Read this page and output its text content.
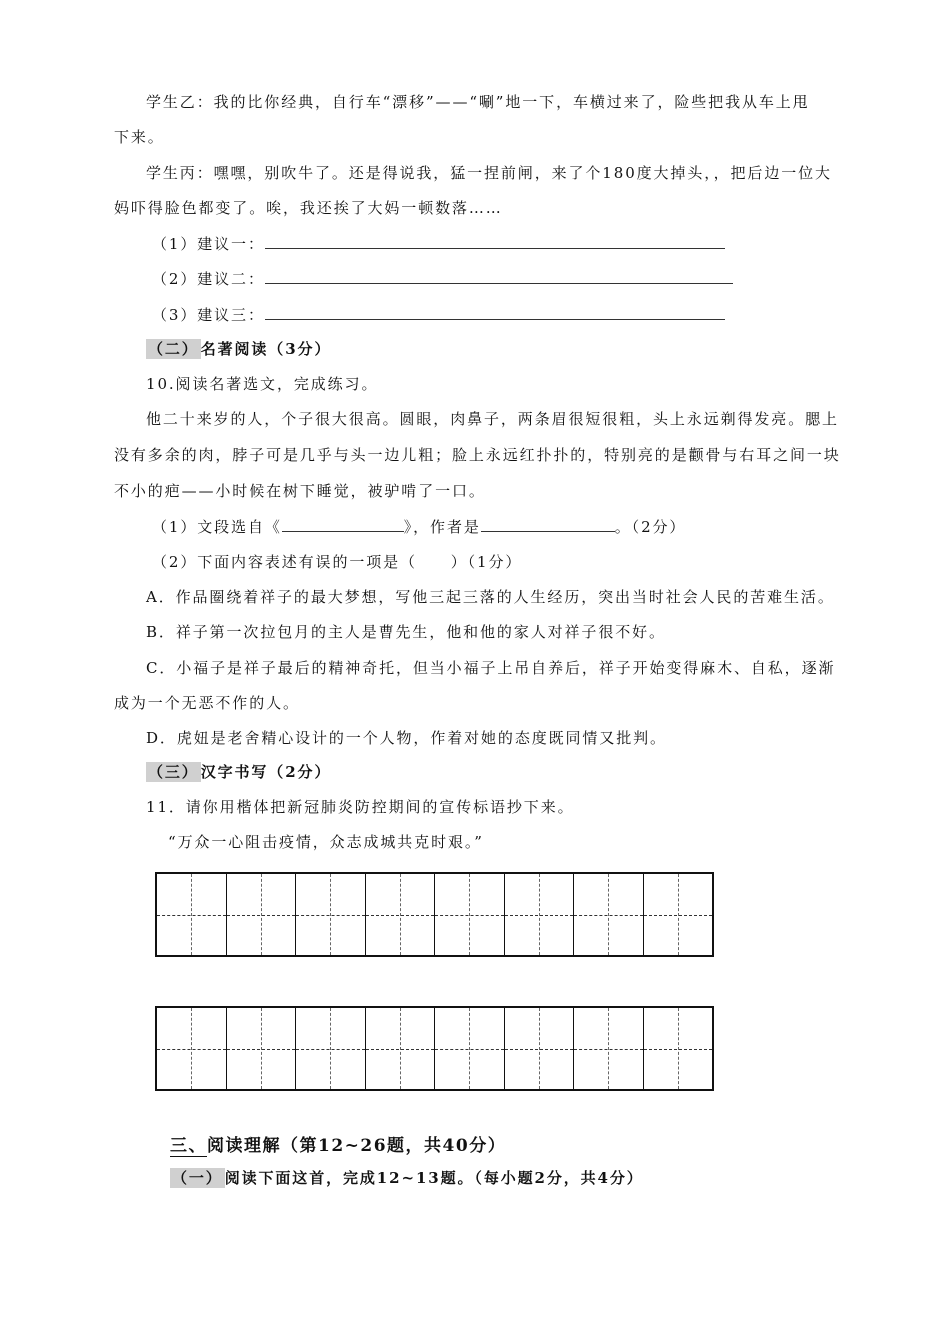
学生乙：我的比你经典，自行车“漂移”——“唰”地一下，车横过来了，险些把我从车上甩
下来。
学生丙：嘿嘿，别吹牛了。还是得说我，猛一捏前闸，来了个180度大掉头，，把后边一位大
妈吓得脸色都变了。唉，我还挨了大妈一顿数落……
（1）建议一：
（2）建议二：
（3）建议三：
（二） 名著阅读（3分）
10.阅读名著选文，完成练习。
他二十来岁的人，个子很大很高。圆眼，肉鼻子，两条眉很短很粗，头上永远剃得发亮。腮上
没有多余的肉，脖子可是几乎与头一边儿粗；脸上永远红扑扑的，特别亮的是颧骨与右耳之间一块
不小的疤——小时候在树下睡觉，被驴啃了一口。
（1）文段选自《	》，作者是	。（2分）
（2）下面内容表述有误的一项是（　　）（1分）
A．作品圈绕着祥子的最大梦想，写他三起三落的人生经历，突出当时社会人民的苦难生活。
B．祥子第一次拉包月的主人是曹先生，他和他的家人对祥子很不好。
C．小福子是祥子最后的精神奇托，但当小福子上吊自养后，祥子开始变得麻木、自私，逐渐
成为一个无恶不作的人。
D．虎妞是老舍精心设计的一个人物，作着对她的态度既同情又批判。
（三） 汉字书写（2分）
11．请你用楷体把新冠肺炎防控期间的宣传标语抄下来。
“万众一心阻击疫情，众志成城共克时艰。”
三、阅读理解（第12~26题，共40分）
（一） 阅读下面这首，完成12~13题。（每小题2分，共4分）
